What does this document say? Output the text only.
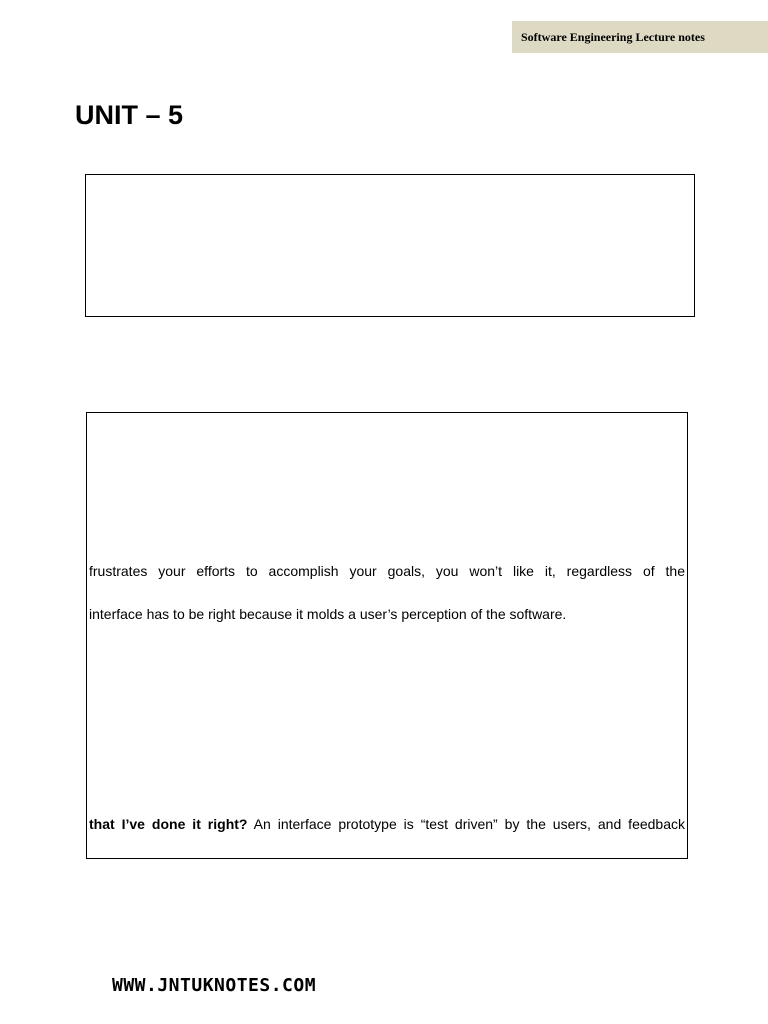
Software Engineering Lecture notes
UNIT – 5
frustrates your efforts to accomplish your goals, you won’t like it, regardless of the
interface has to be right because it molds a user’s perception of the software.
that I’ve done it right? An interface prototype is “test driven” by the users, and feedback
WWW.JNTUKNOTES.COM
